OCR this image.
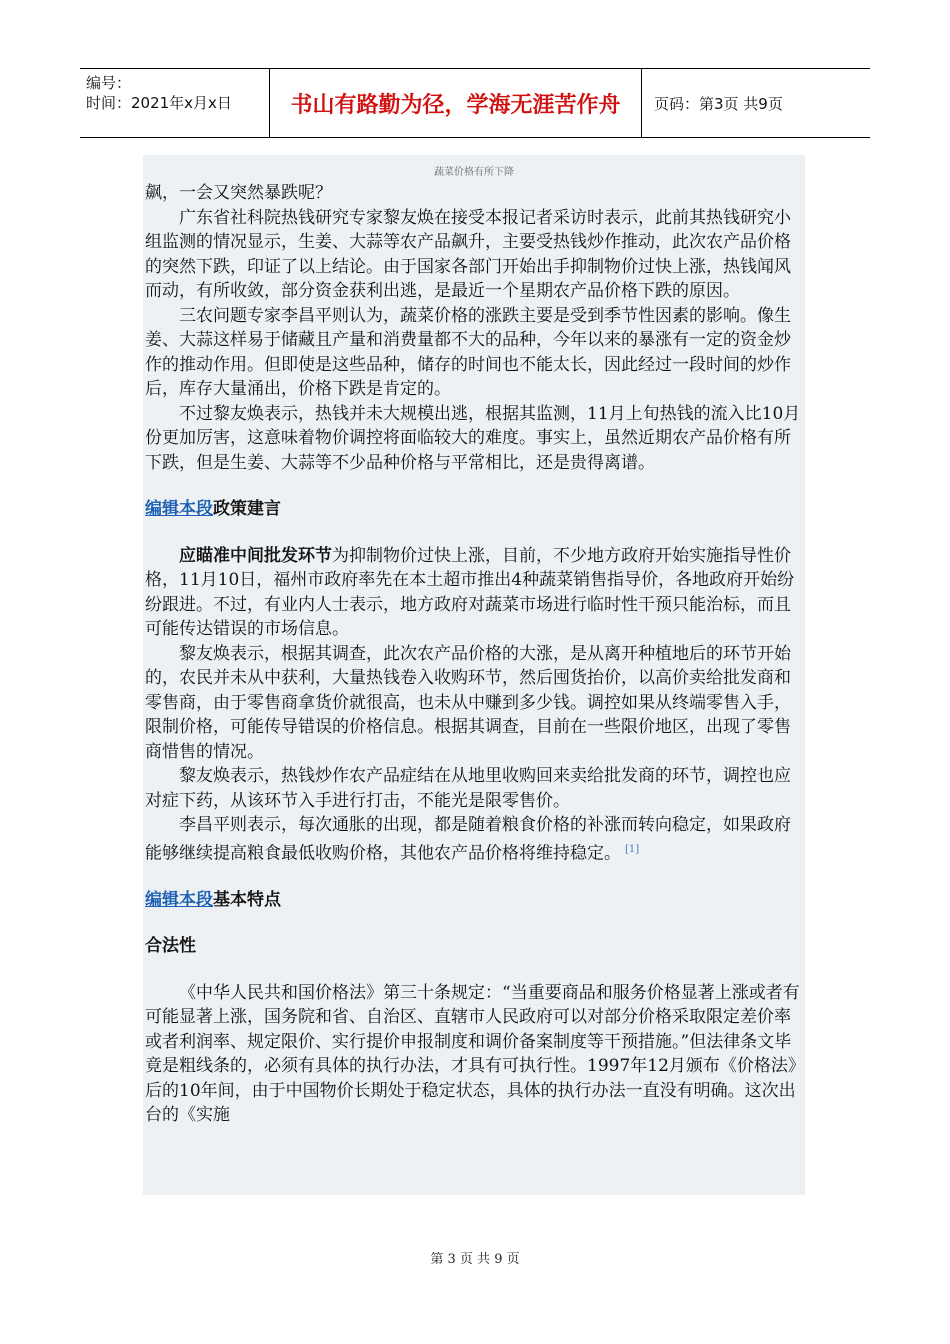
编号：
时间：2021年x月x日	书山有路勤为径，学海无涯苦作舟	页码：第3页 共9页
蔬菜价格有所下降

飙，一会又突然暴跌呢？

广东省社科院热钱研究专家黎友焕在接受本报记者采访时表示，此前其热钱研究小组监测的情况显示，生姜、大蒜等农产品飙升，主要受热钱炒作推动，此次农产品价格的突然下跌，印证了以上结论。由于国家各部门开始出手抑制物价过快上涨，热钱闻风而动，有所收敛，部分资金获利出逃，是最近一个星期农产品价格下跌的原因。

三农问题专家李昌平则认为，蔬菜价格的涨跌主要是受到季节性因素的影响。像生姜、大蒜这样易于储藏且产量和消费量都不大的品种，今年以来的暴涨有一定的资金炒作的推动作用。但即使是这些品种，储存的时间也不能太长，因此经过一段时间的炒作后，库存大量涌出，价格下跌是肯定的。

不过黎友焕表示，热钱并未大规模出逃，根据其监测，11月上旬热钱的流入比10月份更加厉害，这意味着物价调控将面临较大的难度。事实上，虽然近期农产品价格有所下跌，但是生姜、大蒜等不少品种价格与平常相比，还是贵得离谱。

编辑本段政策建言

应瞄准中间批发环节为抑制物价过快上涨，目前，不少地方政府开始实施指导性价格，11月10日，福州市政府率先在本土超市推出4种蔬菜销售指导价，各地政府开始纷纷跟进。不过，有业内人士表示，地方政府对蔬菜市场进行临时性干预只能治标，而且可能传达错误的市场信息。

黎友焕表示，根据其调查，此次农产品价格的大涨，是从离开种植地后的环节开始的，农民并未从中获利，大量热钱卷入收购环节，然后囤货抬价，以高价卖给批发商和零售商，由于零售商拿货价就很高，也未从中赚到多少钱。调控如果从终端零售入手，限制价格，可能传导错误的价格信息。根据其调查，目前在一些限价地区，出现了零售商惜售的情况。

黎友焕表示，热钱炒作农产品症结在从地里收购回来卖给批发商的环节，调控也应对症下药，从该环节入手进行打击，不能光是限零售价。

李昌平则表示，每次通胀的出现，都是随着粮食价格的补涨而转向稳定，如果政府能够继续提高粮食最低收购价格，其他农产品价格将维持稳定。 [1]

编辑本段基本特点
合法性

《中华人民共和国价格法》第三十条规定：“当重要商品和服务价格显著上涨或者有可能显著上涨，国务院和省、自治区、直辖市人民政府可以对部分价格采取限定差价率或者利润率、规定限价、实行提价申报制度和调价备案制度等干预措施。”但法律条文毕竟是粗线条的，必须有具体的执行办法，才具有可执行性。1997年12月颁布《价格法》后的10年间，由于中国物价长期处于稳定状态，具体的执行办法一直没有明确。这次出台的《实施

第 3 页 共 9 页
